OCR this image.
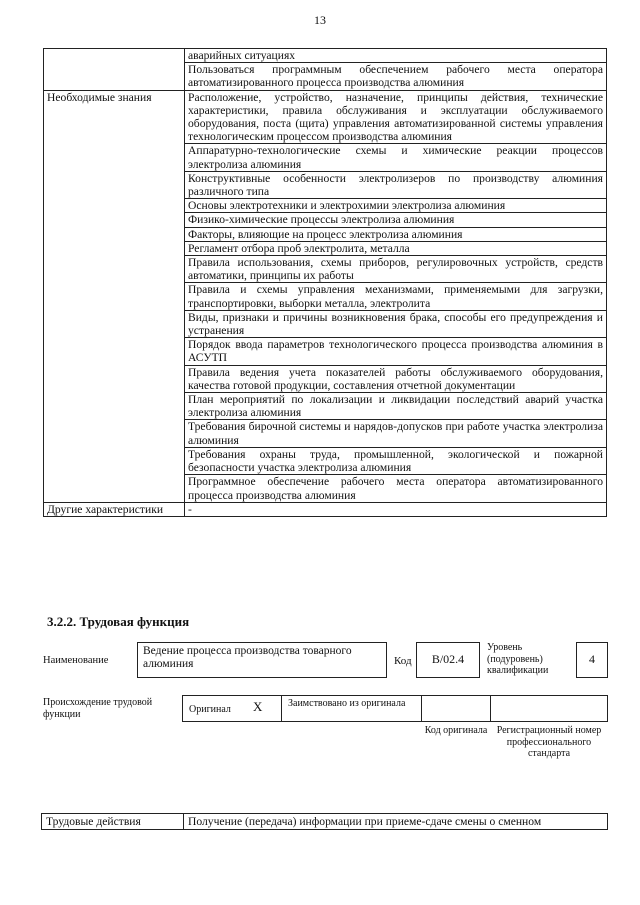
13
	аварийных ситуациях
	Пользоваться программным обеспечением рабочего места оператора автоматизированного процесса производства алюминия
Необходимые знания	Расположение, устройство, назначение, принципы действия, технические характеристики, правила обслуживания и эксплуатации обслуживаемого оборудования, поста (щита) управления автоматизированной системы управления технологическим процессом производства алюминия
	Аппаратурно-технологические схемы и химические реакции процессов электролиза алюминия
	Конструктивные особенности электролизеров по производству алюминия различного типа
	Основы электротехники и электрохимии электролиза алюминия
	Физико-химические процессы электролиза алюминия
	Факторы, влияющие на процесс электролиза алюминия
	Регламент отбора проб электролита, металла
	Правила использования, схемы приборов, регулировочных устройств, средств автоматики, принципы их работы
	Правила и схемы управления механизмами, применяемыми для загрузки, транспортировки, выборки металла, электролита
	Виды, признаки и причины возникновения брака, способы его предупреждения и устранения
	Порядок ввода параметров технологического процесса производства алюминия в АСУТП
	Правила ведения учета показателей работы обслуживаемого оборудования, качества готовой продукции, составления отчетной документации
	План мероприятий по локализации и ликвидации последствий аварий участка электролиза алюминия
	Требования бирочной системы и нарядов-допусков при работе участка электролиза алюминия
	Требования охраны труда, промышленной, экологической и пожарной безопасности участка электролиза алюминия
	Программное обеспечение рабочего места оператора автоматизированного процесса производства алюминия
Другие характеристики	-
3.2.2. Трудовая функция
Наименование
Ведение процесса производства товарного алюминия	Код	B/02.4
Уровень (подуровень) квалификации
4
Происхождение трудовой функции	Оригинал X	Заимствовано из оригинала
Код оригинала Регистрационный номер профессионального стандарта
Трудовые действия	Получение (передача) информации при приеме-сдаче смены о сменном
